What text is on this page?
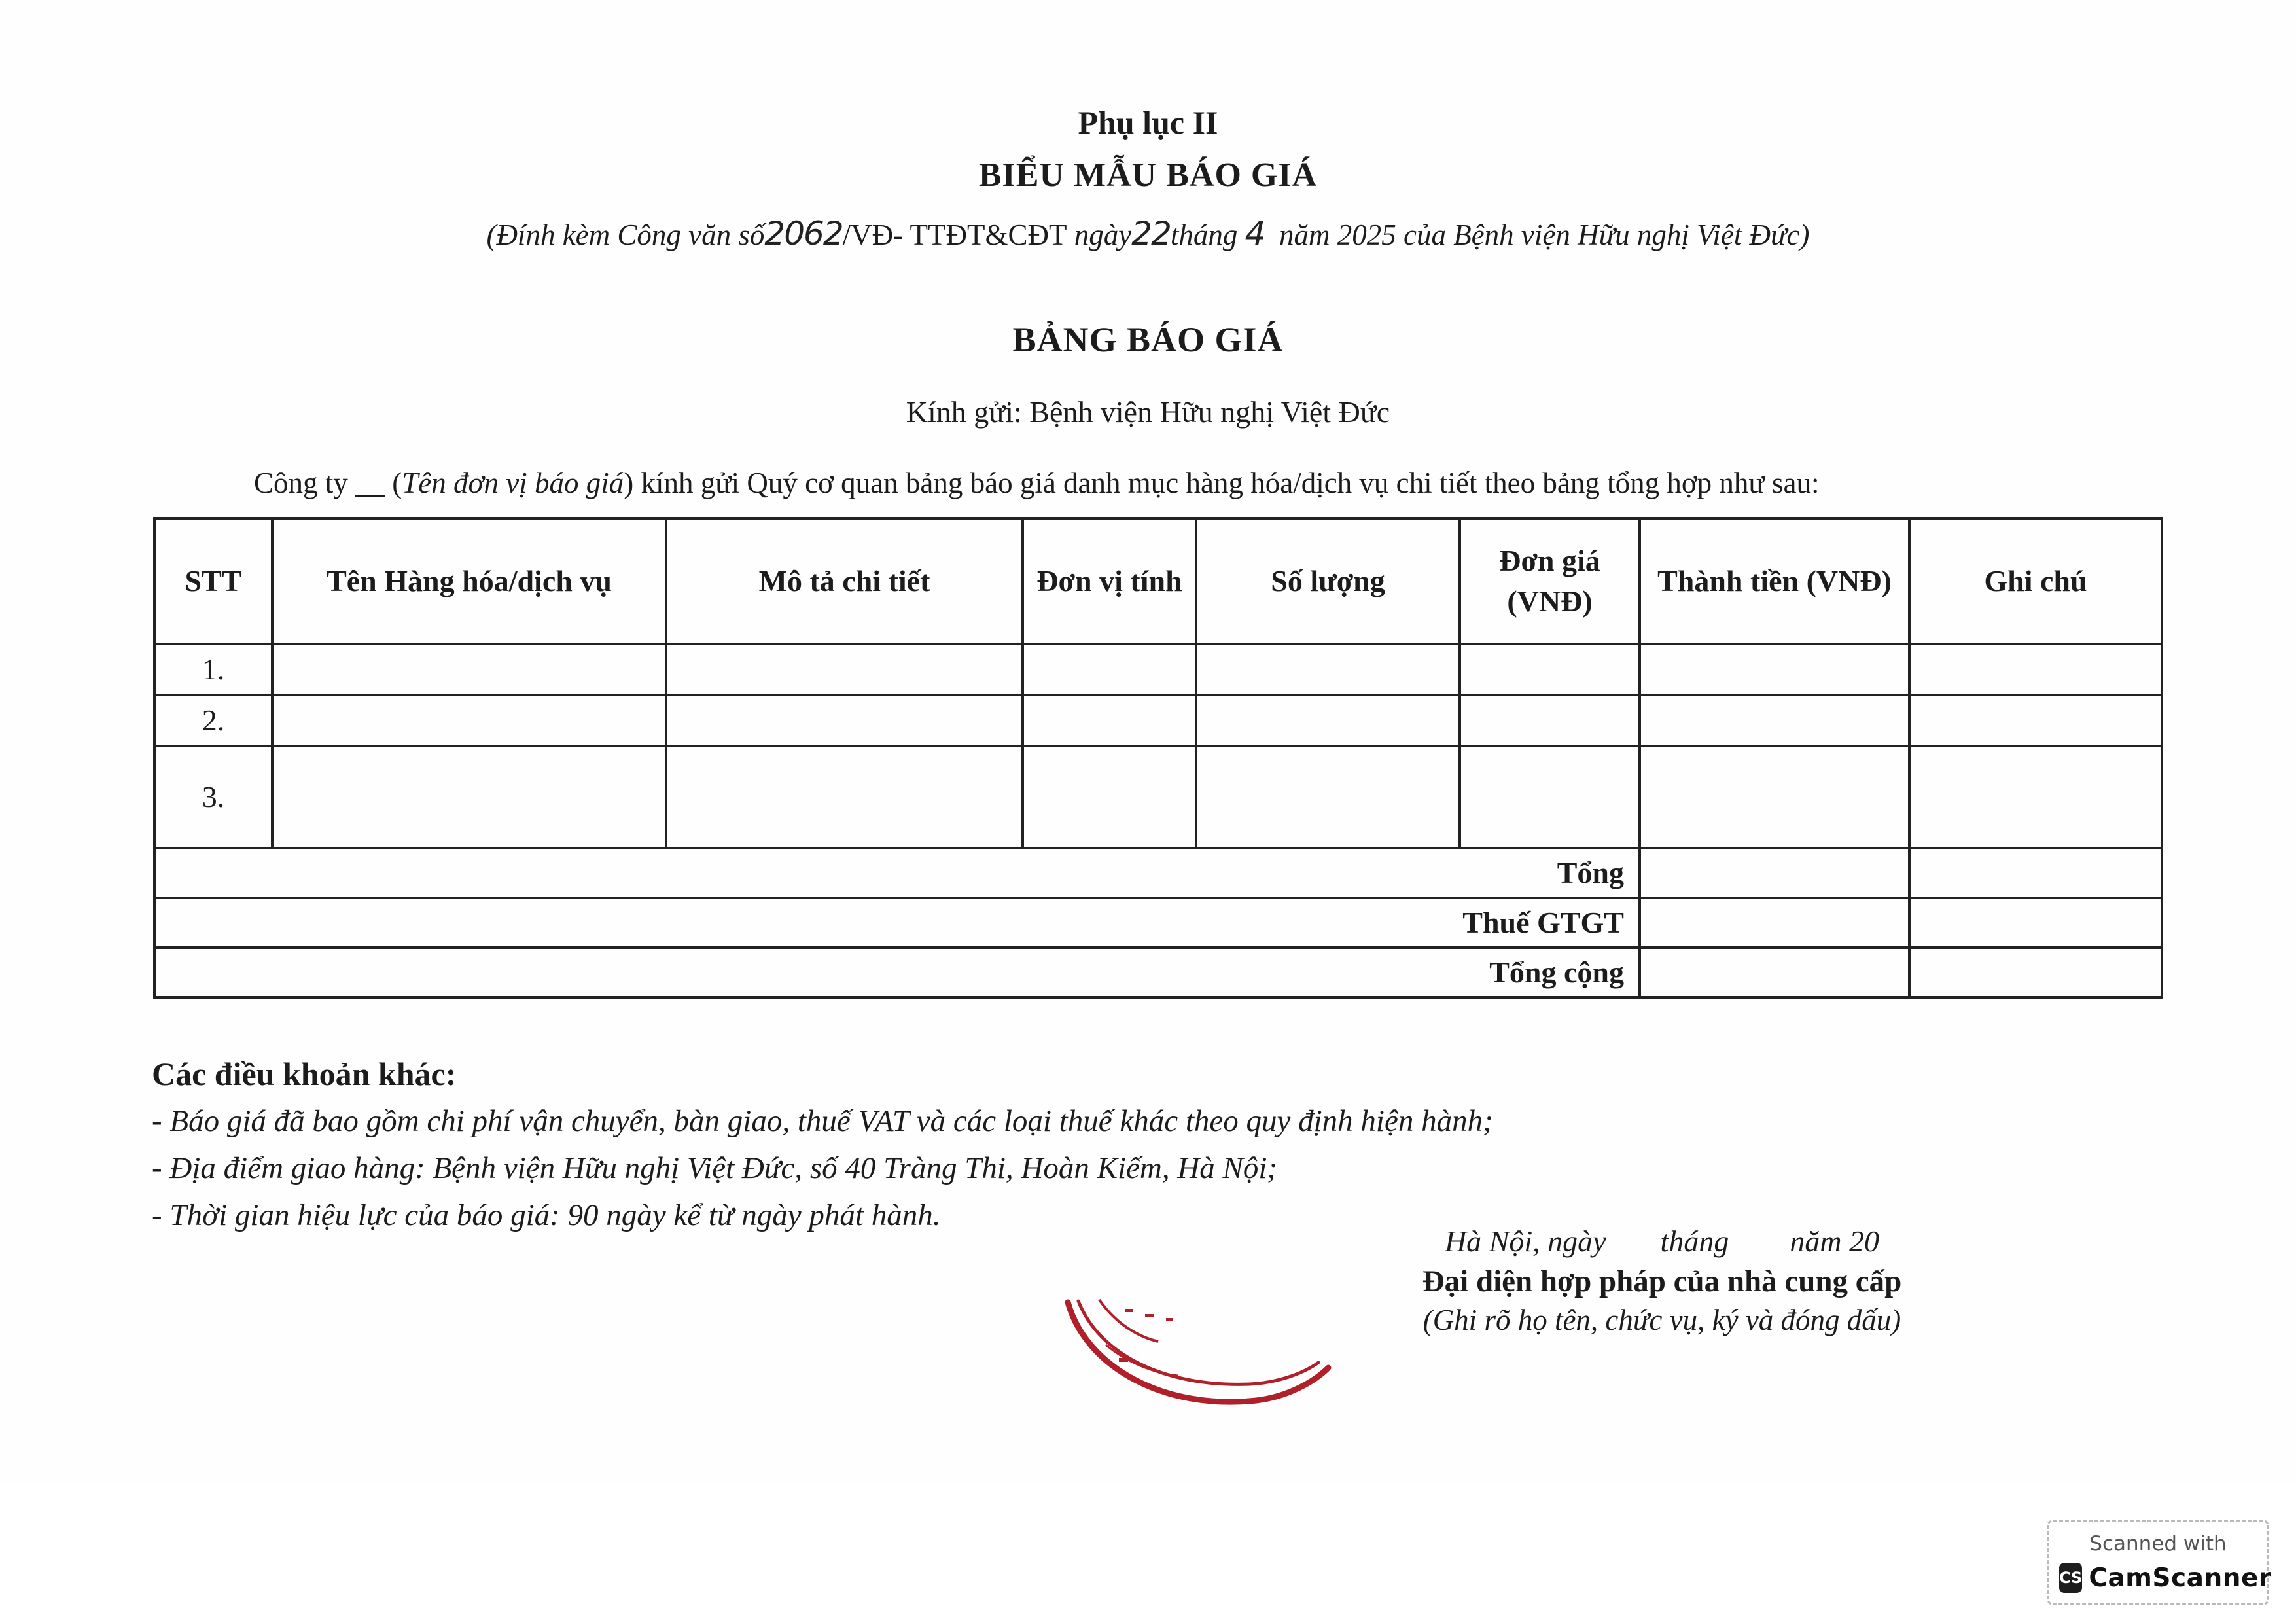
Phụ lục II
BIỂU MẪU BÁO GIÁ
(Đính kèm Công văn số2062/VĐ- TTĐT&CĐT ngày22tháng 4 năm 2025 của Bệnh viện Hữu nghị Việt Đức)
BẢNG BÁO GIÁ
Kính gửi: Bệnh viện Hữu nghị Việt Đức
Công ty __ (Tên đơn vị báo giá) kính gửi Quý cơ quan bảng báo giá danh mục hàng hóa/dịch vụ chi tiết theo bảng tổng hợp như sau:
STT	Tên Hàng hóa/dịch vụ	Mô tả chi tiết	Đơn vị tính	Số lượng	Đơn giá (VNĐ)	Thành tiền (VNĐ)	Ghi chú
1.							
2.							
3.							
Tổng							
Thuế GTGT							
Tổng cộng							
Các điều khoản khác:
- Báo giá đã bao gồm chi phí vận chuyển, bàn giao, thuế VAT và các loại thuế khác theo quy định hiện hành;
- Địa điểm giao hàng: Bệnh viện Hữu nghị Việt Đức, số 40 Tràng Thi, Hoàn Kiếm, Hà Nội;
- Thời gian hiệu lực của báo giá: 90 ngày kể từ ngày phát hành.
Hà Nội, ngày tháng năm 20
Đại diện hợp pháp của nhà cung cấp
(Ghi rõ họ tên, chức vụ, ký và đóng dấu)
Scanned with
CS CamScanner
